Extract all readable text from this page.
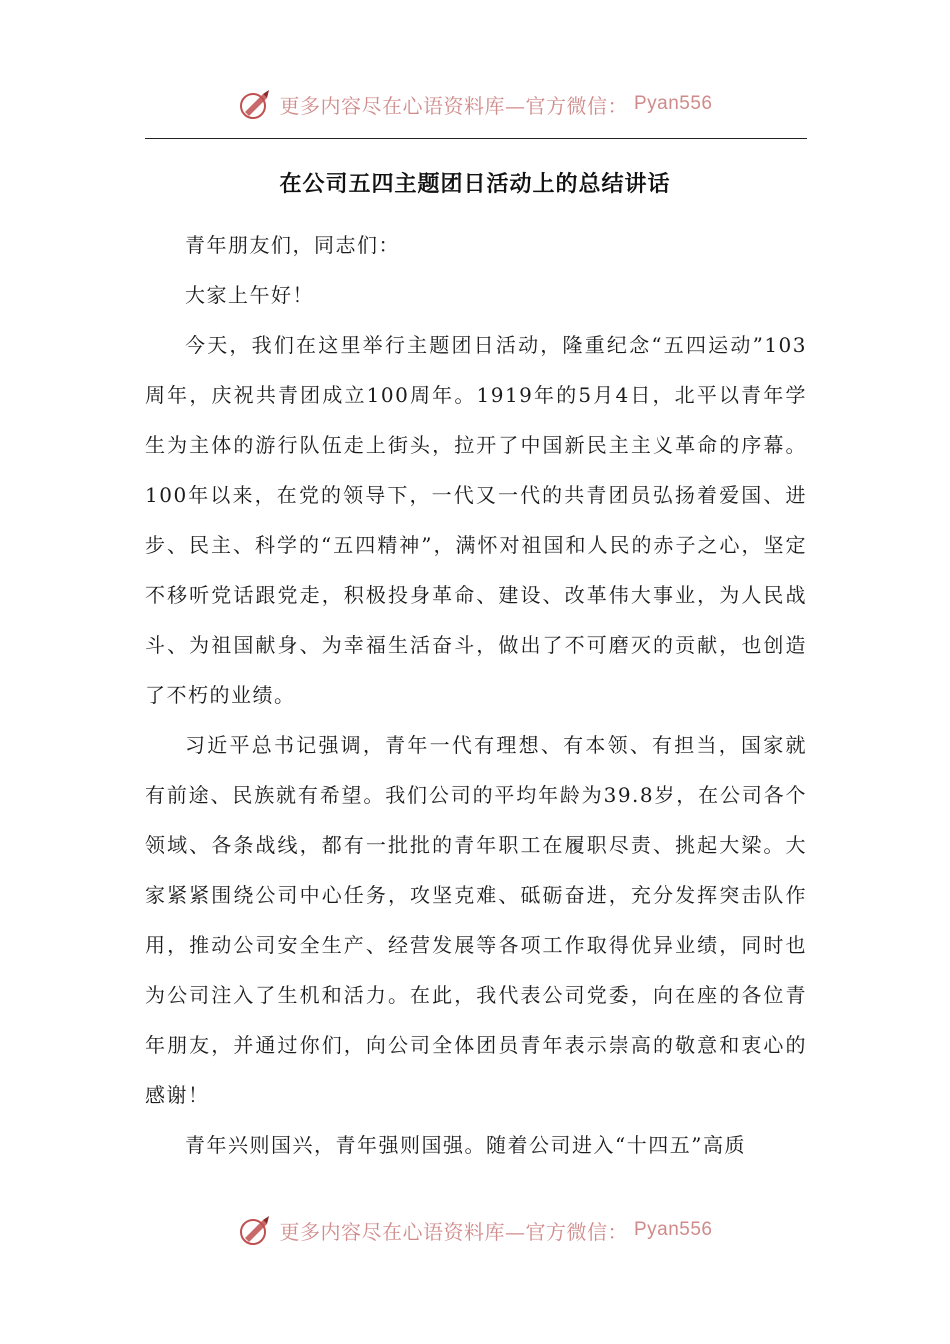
更多内容尽在心语资料库—官方微信： Pyan556
在公司五四主题团日活动上的总结讲话

青年朋友们，同志们：

大家上午好！

今天，我们在这里举行主题团日活动，隆重纪念“五四运动”103周年，庆祝共青团成立100周年。1919年的5月4日，北平以青年学生为主体的游行队伍走上街头，拉开了中国新民主主义革命的序幕。100年以来，在党的领导下，一代又一代的共青团员弘扬着爱国、进步、民主、科学的“五四精神”，满怀对祖国和人民的赤子之心，坚定不移听党话跟党走，积极投身革命、建设、改革伟大事业，为人民战斗、为祖国献身、为幸福生活奋斗，做出了不可磨灭的贡献，也创造了不朽的业绩。

习近平总书记强调，青年一代有理想、有本领、有担当，国家就有前途、民族就有希望。我们公司的平均年龄为39.8岁，在公司各个领域、各条战线，都有一批批的青年职工在履职尽责、挑起大梁。大家紧紧围绕公司中心任务，攻坚克难、砥砺奋进，充分发挥突击队作用，推动公司安全生产、经营发展等各项工作取得优异业绩，同时也为公司注入了生机和活力。在此，我代表公司党委，向在座的各位青年朋友，并通过你们，向公司全体团员青年表示崇高的敬意和衷心的感谢！

青年兴则国兴，青年强则国强。随着公司进入“十四五”高质

更多内容尽在心语资料库—官方微信： Pyan556
